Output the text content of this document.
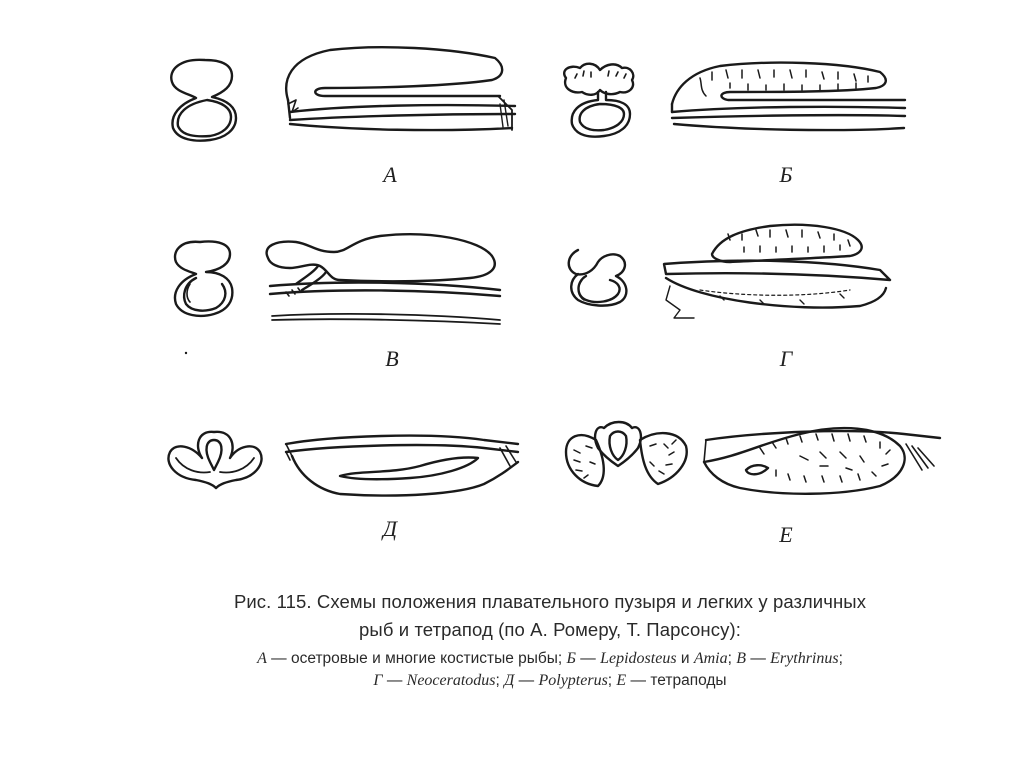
А	Б
В	Г
Д	Е
Рис. 115. Схемы положения плавательного пузыря и легких у различных
рыб и тетрапод (по А. Ромеру, Т. Парсонсу):
А — осетровые и многие костистые рыбы; Б — Lepidosteus и Amia; В — Erythrinus;
Г — Neoceratodus; Д — Polypterus; Е — тетраподы
